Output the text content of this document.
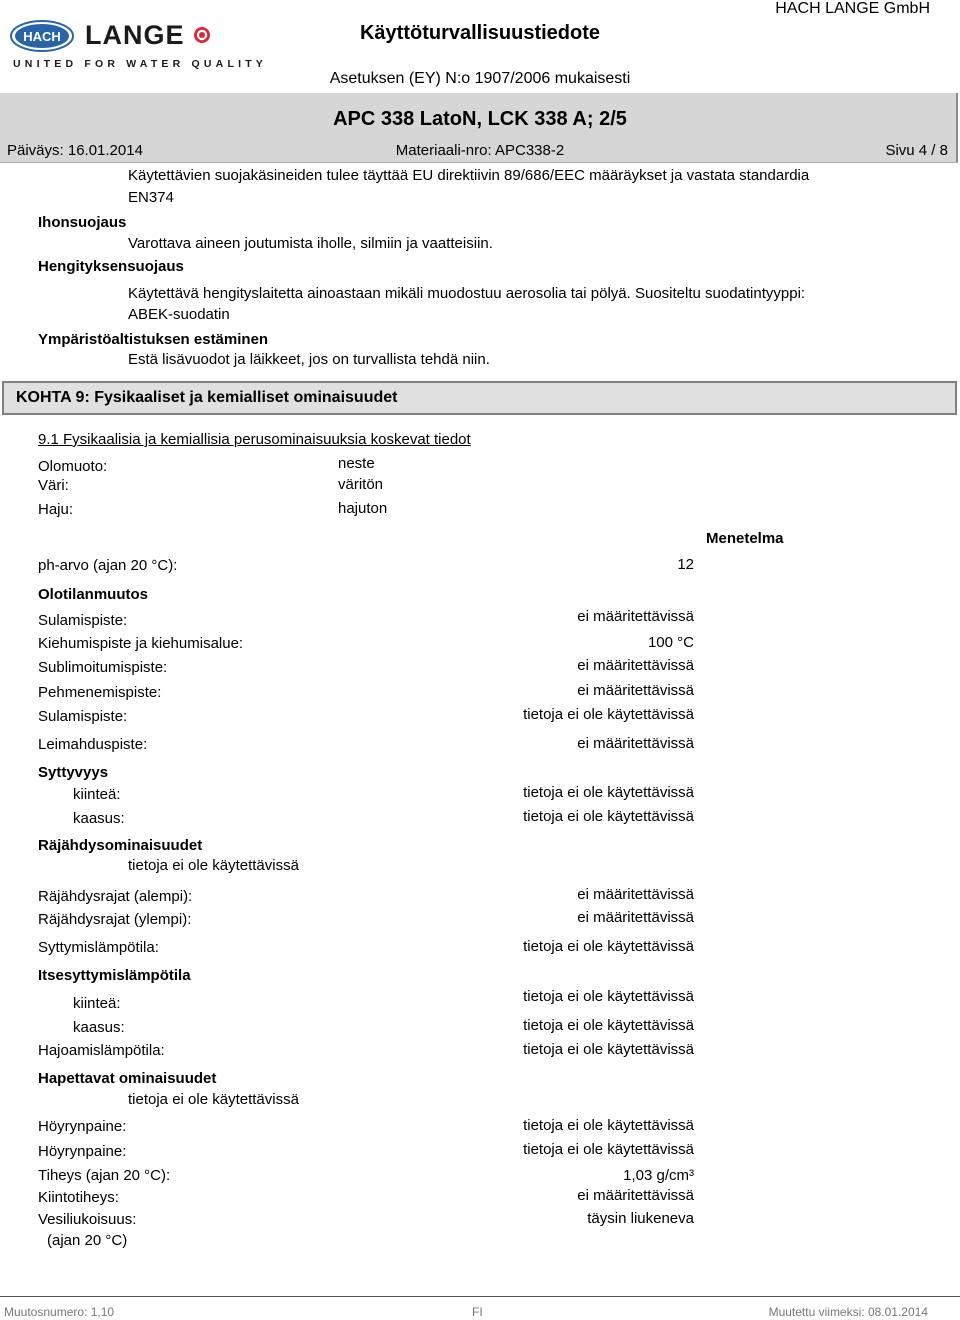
HACH LANGE
UNITED FOR WATER QUALITY
Käyttöturvallisuustiedote
HACH LANGE GmbH
Asetuksen (EY) N:o 1907/2006 mukaisesti
APC 338 LatoN, LCK 338 A; 2/5
Päiväys: 16.01.2014	Materiaali-nro: APC338-2	Sivu 4 / 8
Käytettävien suojakäsineiden tulee täyttää EU direktiivin 89/686/EEC määräykset ja vastata standardia
EN374
Ihonsuojaus
Varottava aineen joutumista iholle, silmiin ja vaatteisiin.
Hengityksensuojaus
Käytettävä hengityslaitetta ainoastaan mikäli muodostuu aerosolia tai pölyä. Suositeltu suodatintyyppi:
ABEK-suodatin
Ympäristöaltistuksen estäminen
Estä lisävuodot ja läikkeet, jos on turvallista tehdä niin.
KOHTA 9: Fysikaaliset ja kemialliset ominaisuudet
9.1 Fysikaalisia ja kemiallisia perusominaisuuksia koskevat tiedot
Olomuoto:	neste
Väri:	väritön
Haju:	hajuton
Menetelma
ph-arvo (ajan 20 °C):	12
Olotilanmuutos
Sulamispiste:	ei määritettävissä
Kiehumispiste ja kiehumisalue:	100 °C
Sublimoitumispiste:	ei määritettävissä
Pehmenemispiste:	ei määritettävissä
Sulamispiste:	tietoja ei ole käytettävissä
Leimahduspiste:	ei määritettävissä
Syttyvyys
kiinteä:	tietoja ei ole käytettävissä
kaasus:	tietoja ei ole käytettävissä
Räjähdysominaisuudet
tietoja ei ole käytettävissä
Räjähdysrajat (alempi):	ei määritettävissä
Räjähdysrajat (ylempi):	ei määritettävissä
Syttymislämpötila:	tietoja ei ole käytettävissä
Itsesyttymislämpötila
kiinteä:	tietoja ei ole käytettävissä
kaasus:	tietoja ei ole käytettävissä
Hajoamislämpötila:	tietoja ei ole käytettävissä
Hapettavat ominaisuudet
tietoja ei ole käytettävissä
Höyrynpaine:	tietoja ei ole käytettävissä
Höyrynpaine:	tietoja ei ole käytettävissä
Tiheys (ajan 20 °C):	1,03 g/cm³
Kiintotiheys:	ei määritettävissä
Vesiliukoisuus:	täysin liukeneva
(ajan 20 °C)
Muutosnumero: 1,10	FI	Muutettu viimeksi: 08.01.2014
